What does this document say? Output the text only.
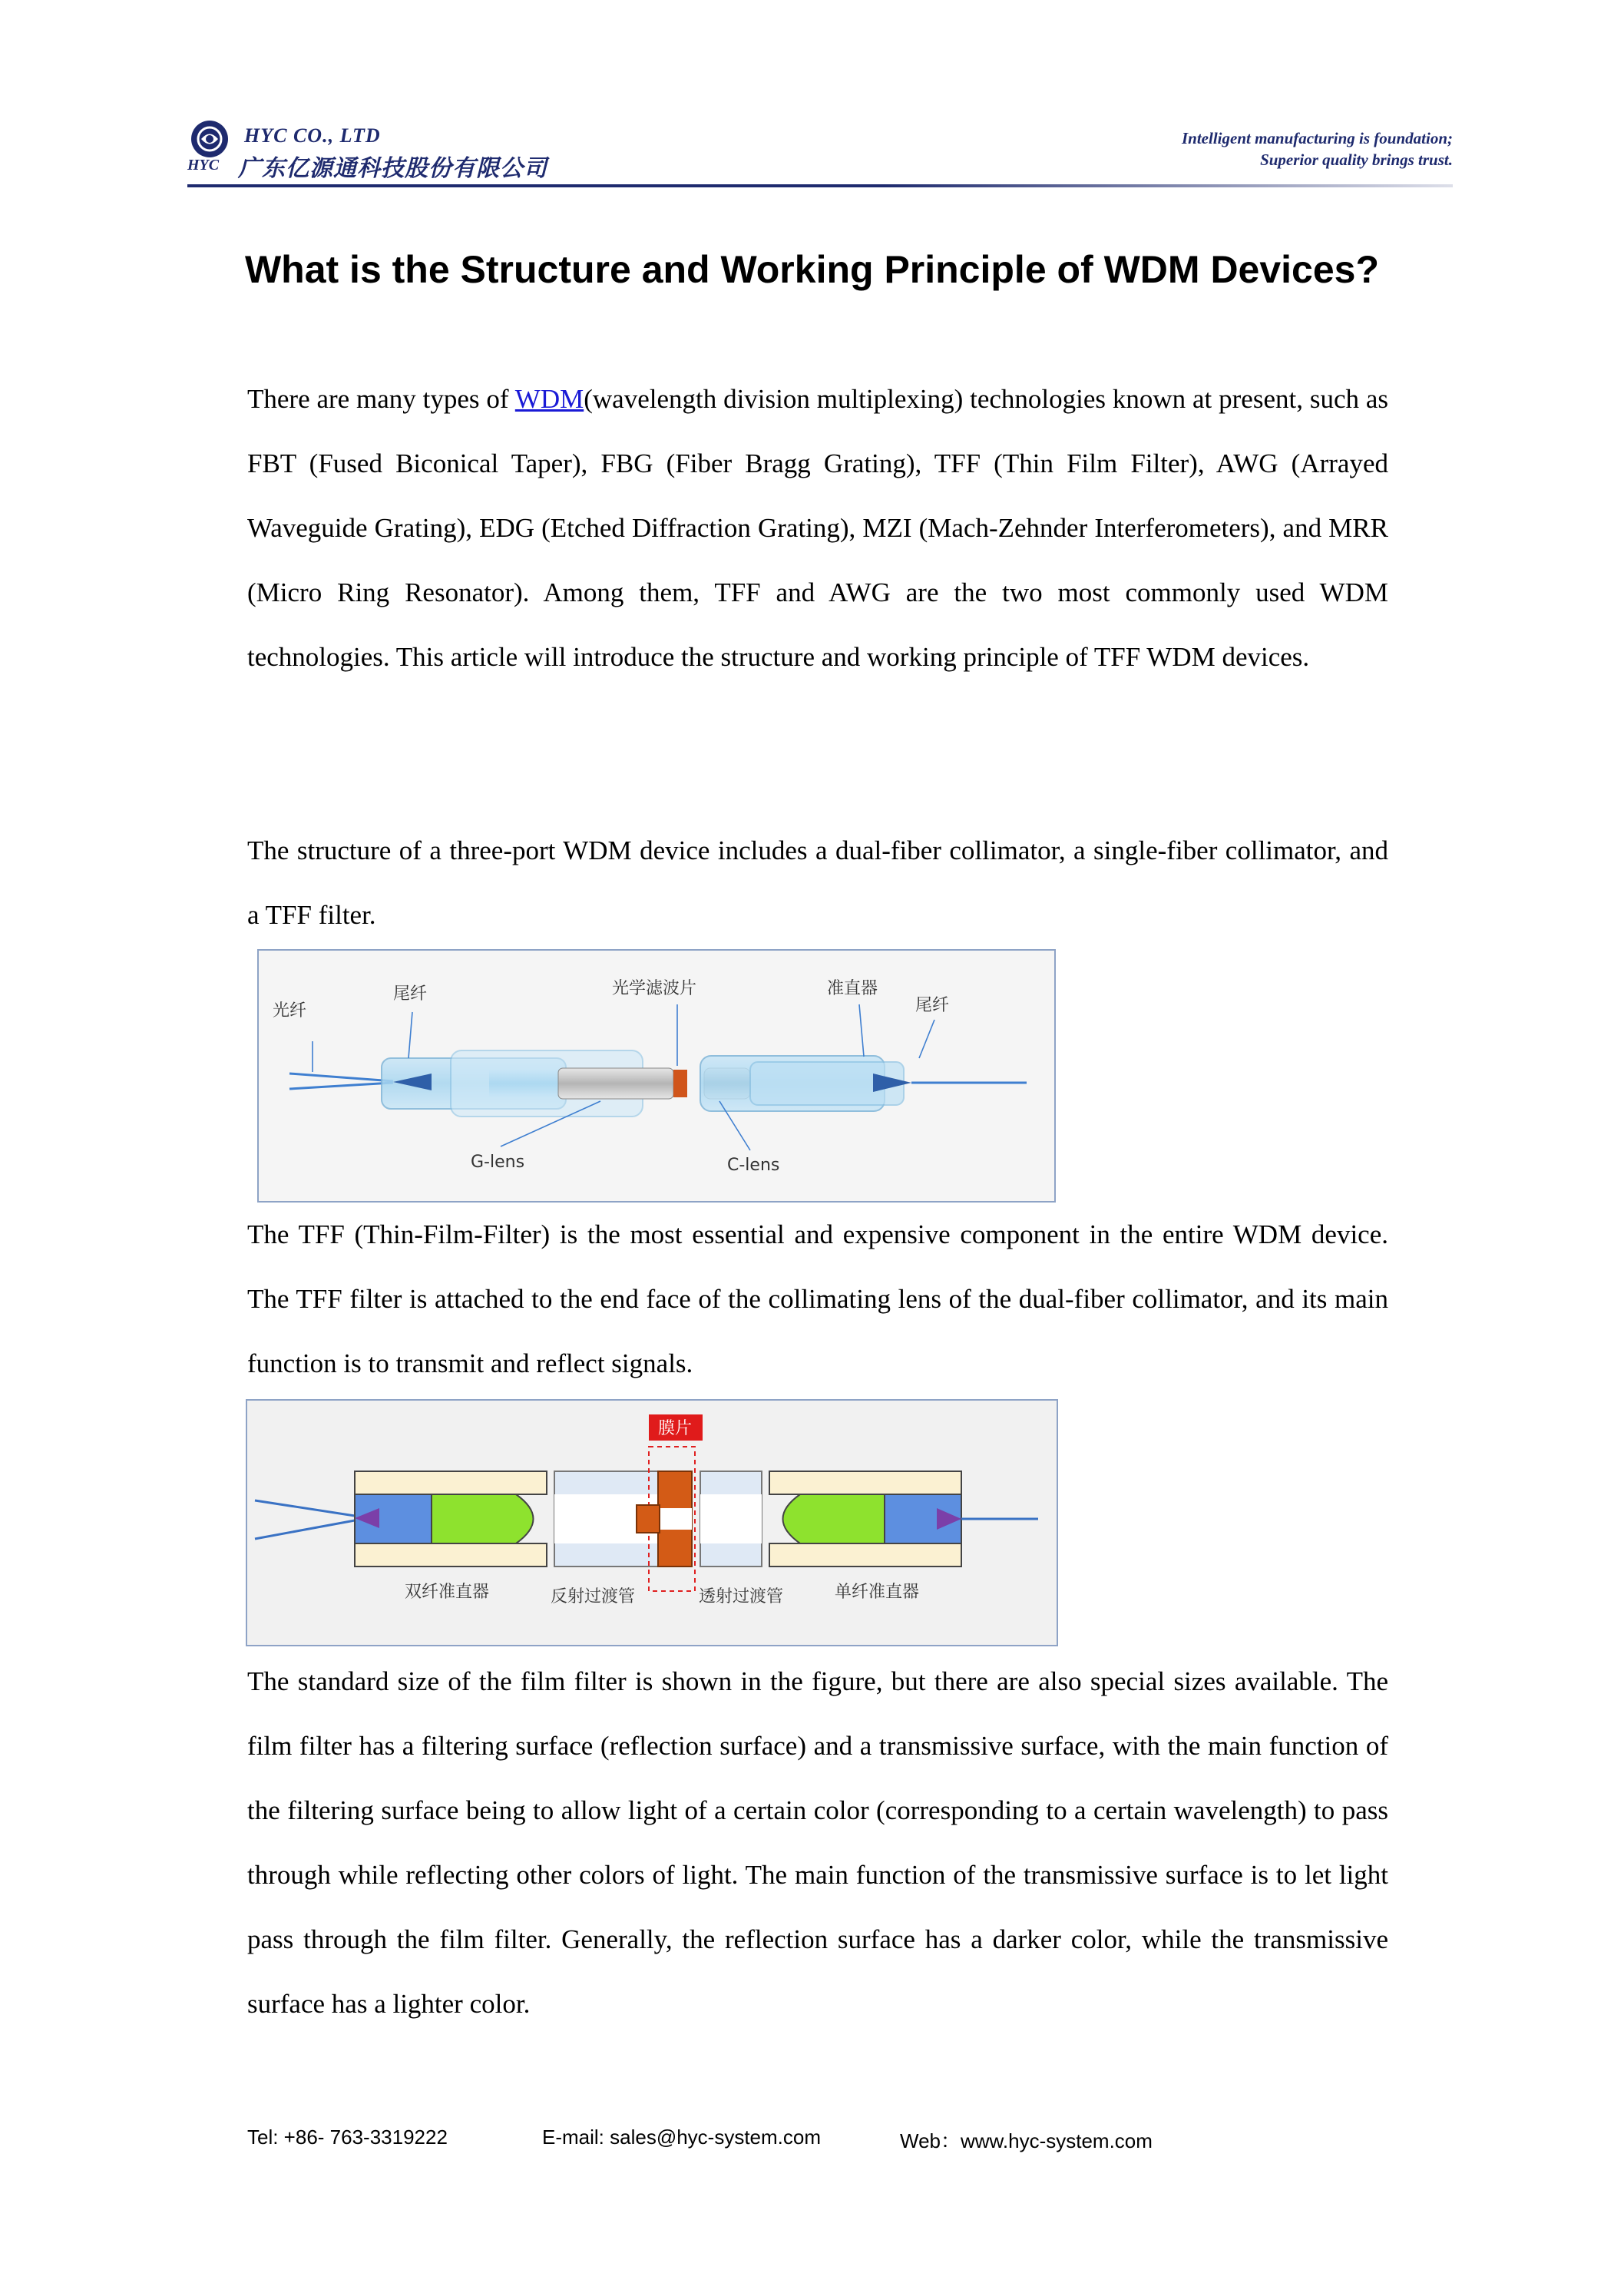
HYC CO., LTD
HYC 广东亿源通科技股份有限公司
Intelligent manufacturing is foundation;
Superior quality brings trust.
What is the Structure and Working Principle of WDM Devices?

There are many types of WDM(wavelength division multiplexing) technologies known at present, such as FBT (Fused Biconical Taper), FBG (Fiber Bragg Grating), TFF (Thin Film Filter), AWG (Arrayed Waveguide Grating), EDG (Etched Diffraction Grating), MZI (Mach-Zehnder Interferometers), and MRR (Micro Ring Resonator). Among them, TFF and AWG are the two most commonly used WDM technologies. This article will introduce the structure and working principle of TFF WDM devices.

The structure of a three-port WDM device includes a dual-fiber collimator, a single-fiber collimator, and a TFF filter.

光纤
尾纤	光学滤波片	准直器
尾纤
G-lens	C-lens

The TFF (Thin-Film-Filter) is the most essential and expensive component in the entire WDM device. The TFF filter is attached to the end face of the collimating lens of the dual-fiber collimator, and its main function is to transmit and reflect signals.

膜片
双纤准直器	反射过渡管	透射过渡管	单纤准直器

The standard size of the film filter is shown in the figure, but there are also special sizes available. The film filter has a filtering surface (reflection surface) and a transmissive surface, with the main function of the filtering surface being to allow light of a certain color (corresponding to a certain wavelength) to pass through while reflecting other colors of light. The main function of the transmissive surface is to let light pass through the film filter. Generally, the reflection surface has a darker color, while the transmissive surface has a lighter color.

Tel: +86- 763-3319222	E-mail: sales@hyc-system.com	Web：www.hyc-system.com
